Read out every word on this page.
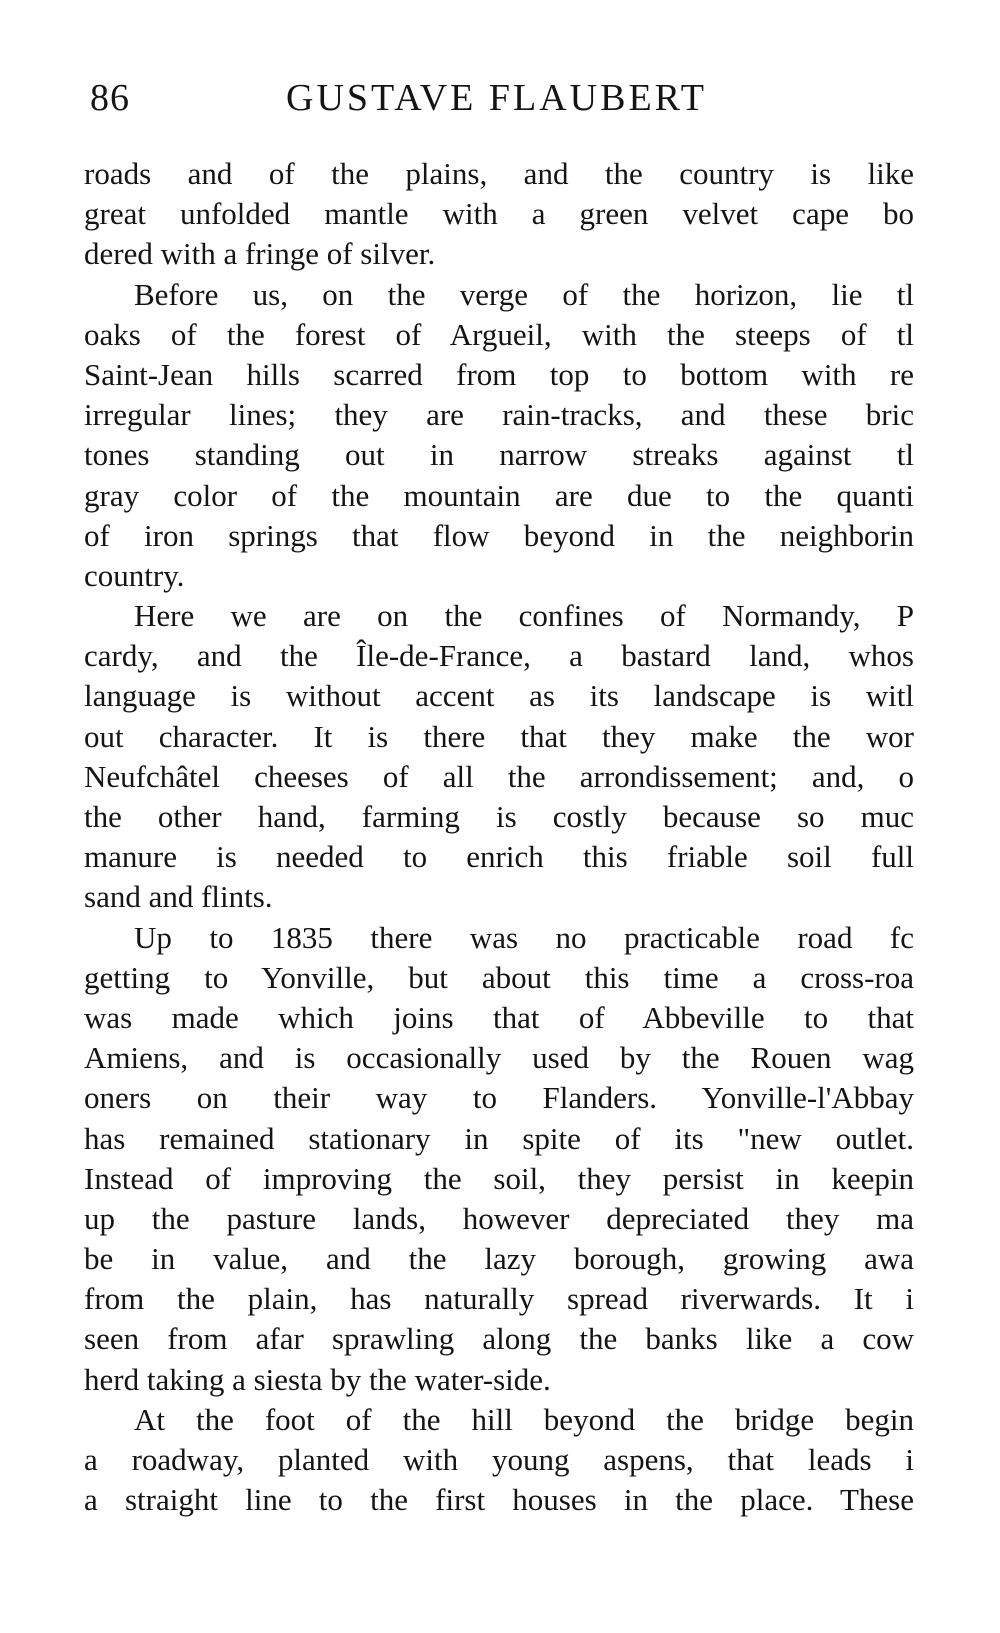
86	GUSTAVE FLAUBERT
roads and of the plains, and the country is like
great unfolded mantle with a green velvet cape bo
dered with a fringe of silver.
Before us, on the verge of the horizon, lie tl
oaks of the forest of Argueil, with the steeps of tl
Saint-Jean hills scarred from top to bottom with re
irregular lines; they are rain-tracks, and these bric
tones standing out in narrow streaks against tl
gray color of the mountain are due to the quanti
of iron springs that flow beyond in the neighborin
country.
Here we are on the confines of Normandy, P
cardy, and the Île-de-France, a bastard land, whos
language is without accent as its landscape is witl
out character. It is there that they make the wor
Neufchâtel cheeses of all the arrondissement; and, o
the other hand, farming is costly because so muc
manure is needed to enrich this friable soil full
sand and flints.
Up to 1835 there was no practicable road fc
getting to Yonville, but about this time a cross-roa
was made which joins that of Abbeville to that
Amiens, and is occasionally used by the Rouen wag
oners on their way to Flanders. Yonville-l'Abbay
has remained stationary in spite of its "new outlet.
Instead of improving the soil, they persist in keepin
up the pasture lands, however depreciated they ma
be in value, and the lazy borough, growing awa
from the plain, has naturally spread riverwards. It i
seen from afar sprawling along the banks like a cow
herd taking a siesta by the water-side.
At the foot of the hill beyond the bridge begin
a roadway, planted with young aspens, that leads i
a straight line to the first houses in the place. These
